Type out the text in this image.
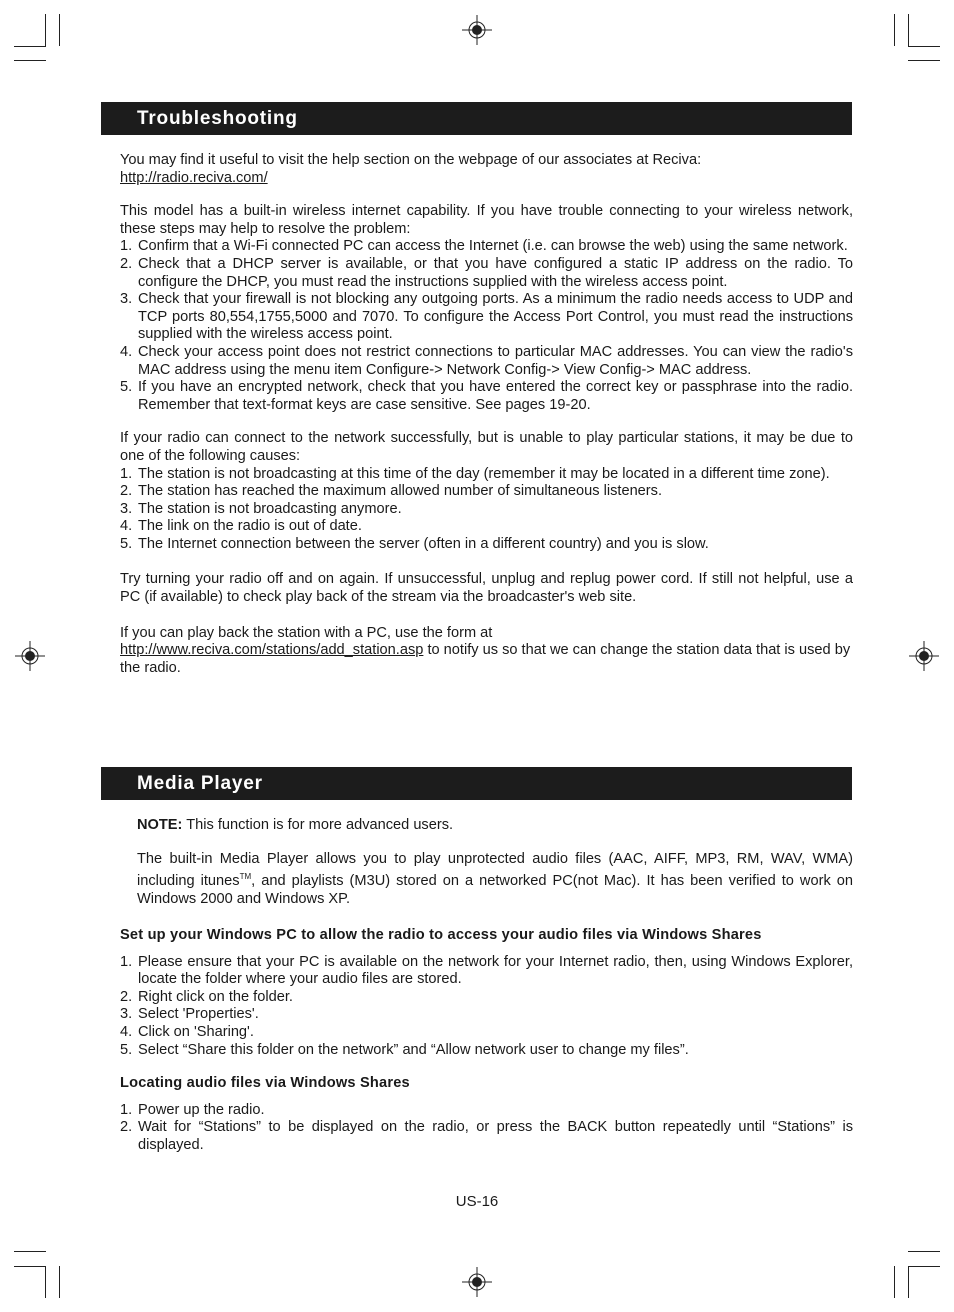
Troubleshooting

You may find it useful to visit the help section on the webpage of our associates at Reciva:
http://radio.reciva.com/

This model has a built-in wireless internet capability. If you have trouble connecting to your wireless network, these steps may help to resolve the problem:

1. Confirm that a Wi-Fi connected PC can access the Internet (i.e. can browse the web) using the same network.
2. Check that a DHCP server is available, or that you have configured a static IP address on the radio. To configure the DHCP, you must read the instructions supplied with the wireless access point.
3. Check that your firewall is not blocking any outgoing ports. As a minimum the radio needs access to UDP and TCP ports 80,554,1755,5000 and 7070. To configure the Access Port Control, you must read the instructions supplied with the wireless access point.
4. Check your access point does not restrict connections to particular MAC addresses. You can view the radio's MAC address using the menu item Configure-> Network Config-> View Config-> MAC address.
5. If you have an encrypted network, check that you have entered the correct key or passphrase into the radio. Remember that text-format keys are case sensitive. See pages 19-20.

If your radio can connect to the network successfully, but is unable to play particular stations, it may be due to one of the following causes:

1. The station is not broadcasting at this time of the day (remember it may be located in a different time zone).
2. The station has reached the maximum allowed number of simultaneous listeners.
3. The station is not broadcasting anymore.
4. The link on the radio is out of date.
5. The Internet connection between the server (often in a different country) and you is slow.

Try turning your radio off and on again. If unsuccessful, unplug and replug power cord. If still not helpful, use a PC (if available) to check play back of the stream via the broadcaster's web site.

If you can play back the station with a PC, use the form at
http://www.reciva.com/stations/add_station.asp to notify us so that we can change the station data that is used by the radio.

Media Player

NOTE: This function is for more advanced users.

The built-in Media Player allows you to play unprotected audio files (AAC, AIFF, MP3, RM, WAV, WMA) including itunes™, and playlists (M3U) stored on a networked PC(not Mac). It has been verified to work on Windows 2000 and Windows XP.

Set up your Windows PC to allow the radio to access your audio files via Windows Shares

1. Please ensure that your PC is available on the network for your Internet radio, then, using Windows Explorer, locate the folder where your audio files are stored.
2. Right click on the folder.
3. Select 'Properties'.
4. Click on 'Sharing'.
5. Select “Share this folder on the network” and “Allow network user to change my files”.

Locating audio files via Windows Shares

1. Power up the radio.
2. Wait for “Stations” to be displayed on the radio, or press the BACK button repeatedly until “Stations” is displayed.
US-16
